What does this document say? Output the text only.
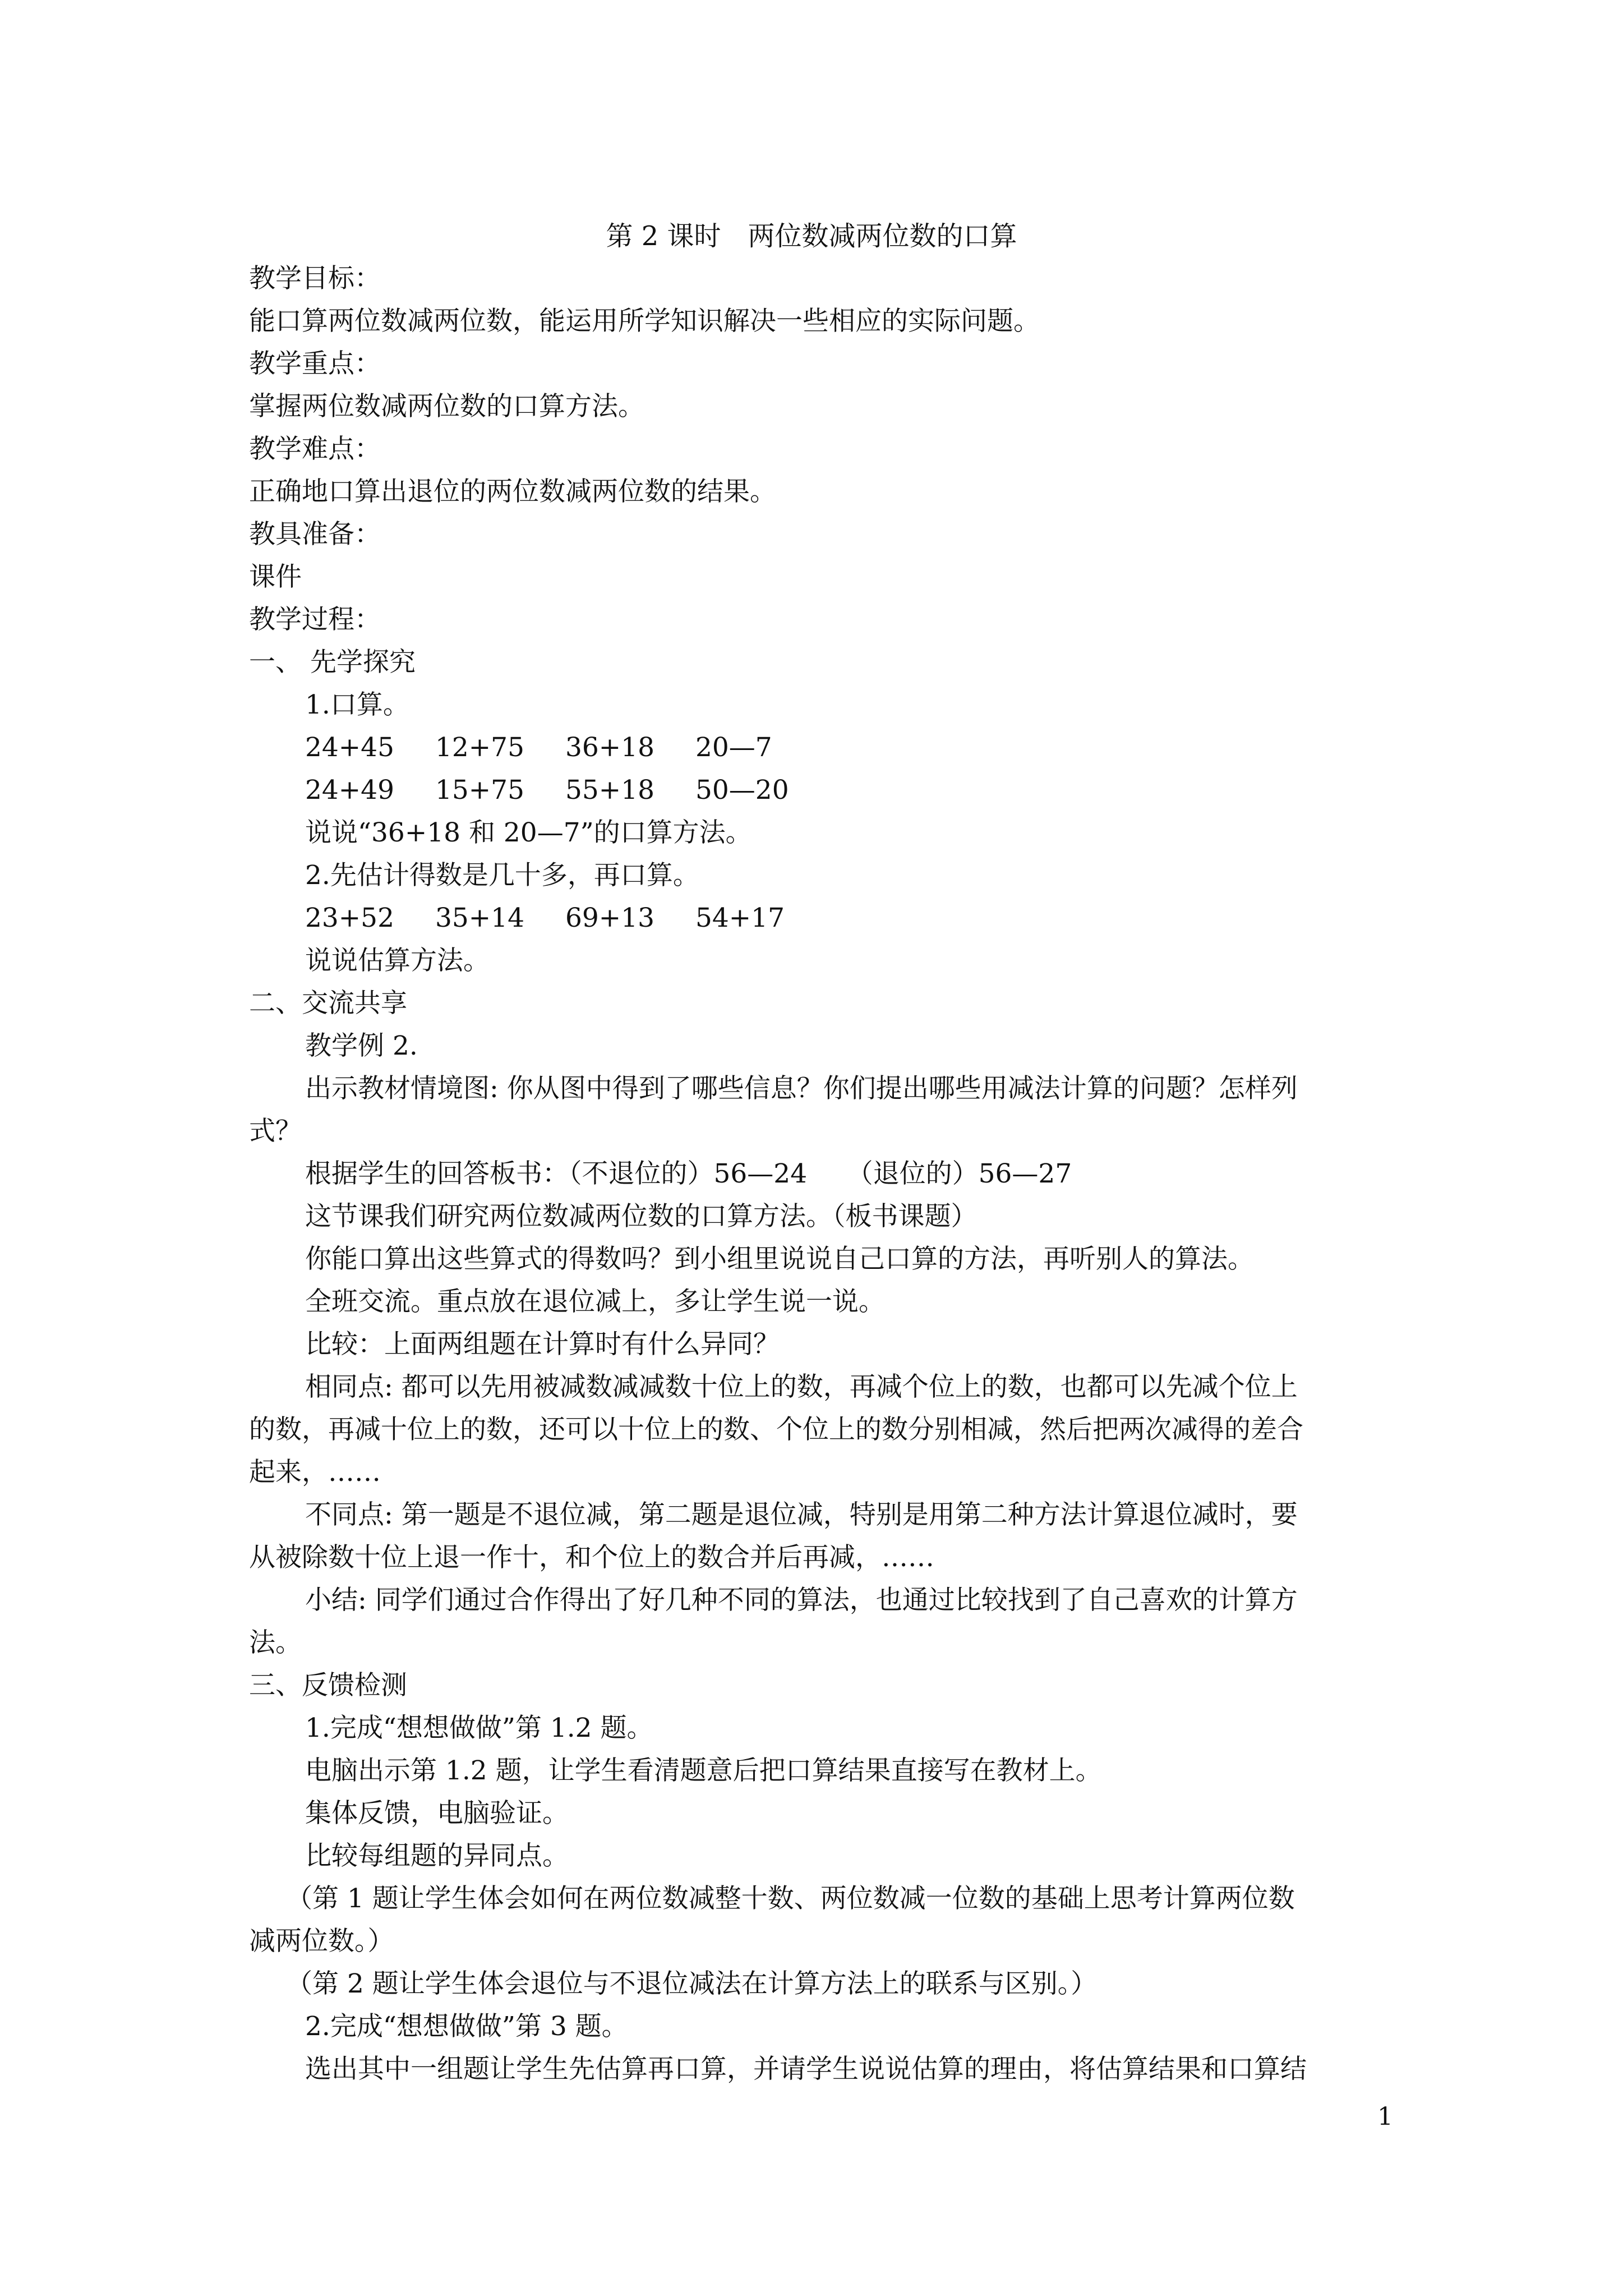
第 2 课时　两位数减两位数的口算
教学目标：
能口算两位数减两位数，能运用所学知识解决一些相应的实际问题。
教学重点：
掌握两位数减两位数的口算方法。
教学难点：
正确地口算出退位的两位数减两位数的结果。
教具准备：
课件
教学过程：
一、 先学探究
1.口算。
24+45 12+75 36+18 20—7
24+49 15+75 55+18 50—20
说说“36+18 和 20—7”的口算方法。
2.先估计得数是几十多，再口算。
23+52 35+14 69+13 54+17
说说估算方法。
二、交流共享
教学例 2.
出示教材情境图: 你从图中得到了哪些信息？你们提出哪些用减法计算的问题？怎样列
式？
根据学生的回答板书：（不退位的）56—24　　（退位的）56—27
这节课我们研究两位数减两位数的口算方法。（板书课题）
你能口算出这些算式的得数吗？到小组里说说自己口算的方法，再听别人的算法。
全班交流。重点放在退位减上，多让学生说一说。
比较：上面两组题在计算时有什么异同？
相同点: 都可以先用被减数减减数十位上的数，再减个位上的数，也都可以先减个位上
的数，再减十位上的数，还可以十位上的数、个位上的数分别相减，然后把两次减得的差合
起来，……
不同点: 第一题是不退位减，第二题是退位减，特别是用第二种方法计算退位减时，要
从被除数十位上退一作十，和个位上的数合并后再减，……
小结: 同学们通过合作得出了好几种不同的算法，也通过比较找到了自己喜欢的计算方
法。
三、反馈检测
1.完成“想想做做”第 1.2 题。
电脑出示第 1.2 题，让学生看清题意后把口算结果直接写在教材上。
集体反馈，电脑验证。
比较每组题的异同点。
（第 1 题让学生体会如何在两位数减整十数、两位数减一位数的基础上思考计算两位数
减两位数。）
（第 2 题让学生体会退位与不退位减法在计算方法上的联系与区别。）
2.完成“想想做做”第 3 题。
选出其中一组题让学生先估算再口算，并请学生说说估算的理由，将估算结果和口算结
1
